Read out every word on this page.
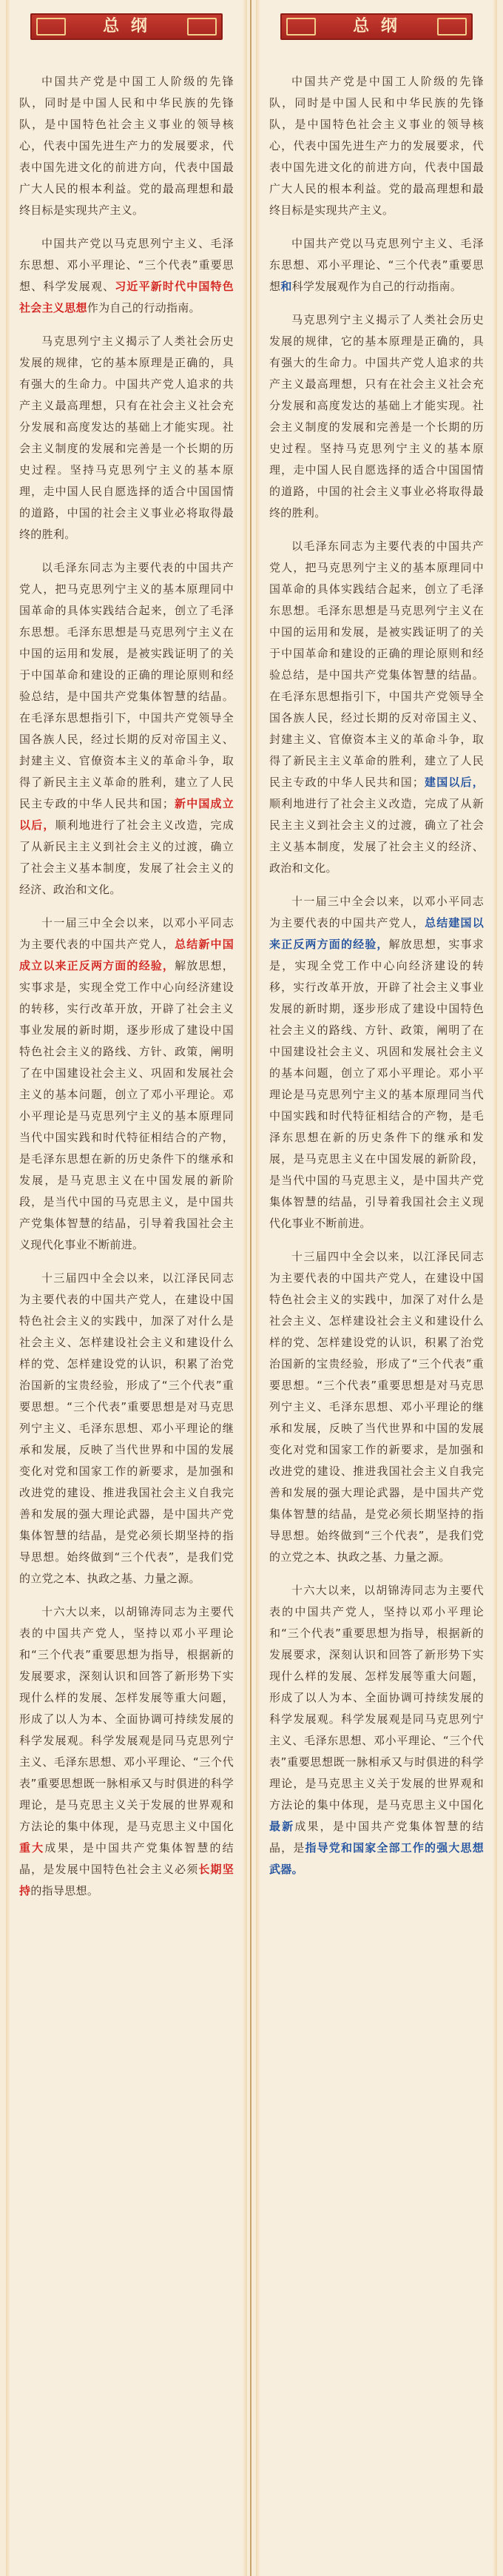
总 纲

中国共产党是中国工人阶级的先锋队，同时是中国人民和中华民族的先锋队，是中国特色社会主义事业的领导核心，代表中国先进生产力的发展要求，代表中国先进文化的前进方向，代表中国最广大人民的根本利益。党的最高理想和最终目标是实现共产主义。

中国共产党以马克思列宁主义、毛泽东思想、邓小平理论、“三个代表”重要思想、科学发展观、习近平新时代中国特色社会主义思想作为自己的行动指南。

马克思列宁主义揭示了人类社会历史发展的规律，它的基本原理是正确的，具有强大的生命力。中国共产党人追求的共产主义最高理想，只有在社会主义社会充分发展和高度发达的基础上才能实现。社会主义制度的发展和完善是一个长期的历史过程。坚持马克思列宁主义的基本原理，走中国人民自愿选择的适合中国国情的道路，中国的社会主义事业必将取得最终的胜利。

以毛泽东同志为主要代表的中国共产党人，把马克思列宁主义的基本原理同中国革命的具体实践结合起来，创立了毛泽东思想。毛泽东思想是马克思列宁主义在中国的运用和发展，是被实践证明了的关于中国革命和建设的正确的理论原则和经验总结，是中国共产党集体智慧的结晶。在毛泽东思想指引下，中国共产党领导全国各族人民，经过长期的反对帝国主义、封建主义、官僚资本主义的革命斗争，取得了新民主主义革命的胜利，建立了人民民主专政的中华人民共和国；新中国成立以后，顺利地进行了社会主义改造，完成了从新民主主义到社会主义的过渡，确立了社会主义基本制度，发展了社会主义的经济、政治和文化。

十一届三中全会以来，以邓小平同志为主要代表的中国共产党人，总结新中国成立以来正反两方面的经验，解放思想，实事求是，实现全党工作中心向经济建设的转移，实行改革开放，开辟了社会主义事业发展的新时期，逐步形成了建设中国特色社会主义的路线、方针、政策，阐明了在中国建设社会主义、巩固和发展社会主义的基本问题，创立了邓小平理论。邓小平理论是马克思列宁主义的基本原理同当代中国实践和时代特征相结合的产物，是毛泽东思想在新的历史条件下的继承和发展，是马克思主义在中国发展的新阶段，是当代中国的马克思主义，是中国共产党集体智慧的结晶，引导着我国社会主义现代化事业不断前进。

十三届四中全会以来，以江泽民同志为主要代表的中国共产党人，在建设中国特色社会主义的实践中，加深了对什么是社会主义、怎样建设社会主义和建设什么样的党、怎样建设党的认识，积累了治党治国新的宝贵经验，形成了“三个代表”重要思想。“三个代表”重要思想是对马克思列宁主义、毛泽东思想、邓小平理论的继承和发展，反映了当代世界和中国的发展变化对党和国家工作的新要求，是加强和改进党的建设、推进我国社会主义自我完善和发展的强大理论武器，是中国共产党集体智慧的结晶，是党必须长期坚持的指导思想。始终做到“三个代表”，是我们党的立党之本、执政之基、力量之源。

十六大以来，以胡锦涛同志为主要代表的中国共产党人，坚持以邓小平理论和“三个代表”重要思想为指导，根据新的发展要求，深刻认识和回答了新形势下实现什么样的发展、怎样发展等重大问题，形成了以人为本、全面协调可持续发展的科学发展观。科学发展观是同马克思列宁主义、毛泽东思想、邓小平理论、“三个代表”重要思想既一脉相承又与时俱进的科学理论，是马克思主义关于发展的世界观和方法论的集中体现，是马克思主义中国化重大成果，是中国共产党集体智慧的结晶，是发展中国特色社会主义必须长期坚持的指导思想。

总 纲

中国共产党是中国工人阶级的先锋队，同时是中国人民和中华民族的先锋队，是中国特色社会主义事业的领导核心，代表中国先进生产力的发展要求，代表中国先进文化的前进方向，代表中国最广大人民的根本利益。党的最高理想和最终目标是实现共产主义。

中国共产党以马克思列宁主义、毛泽东思想、邓小平理论、“三个代表”重要思想和科学发展观作为自己的行动指南。

马克思列宁主义揭示了人类社会历史发展的规律，它的基本原理是正确的，具有强大的生命力。中国共产党人追求的共产主义最高理想，只有在社会主义社会充分发展和高度发达的基础上才能实现。社会主义制度的发展和完善是一个长期的历史过程。坚持马克思列宁主义的基本原理，走中国人民自愿选择的适合中国国情的道路，中国的社会主义事业必将取得最终的胜利。

以毛泽东同志为主要代表的中国共产党人，把马克思列宁主义的基本原理同中国革命的具体实践结合起来，创立了毛泽东思想。毛泽东思想是马克思列宁主义在中国的运用和发展，是被实践证明了的关于中国革命和建设的正确的理论原则和经验总结，是中国共产党集体智慧的结晶。在毛泽东思想指引下，中国共产党领导全国各族人民，经过长期的反对帝国主义、封建主义、官僚资本主义的革命斗争，取得了新民主主义革命的胜利，建立了人民民主专政的中华人民共和国；建国以后，顺利地进行了社会主义改造，完成了从新民主主义到社会主义的过渡，确立了社会主义基本制度，发展了社会主义的经济、政治和文化。

十一届三中全会以来，以邓小平同志为主要代表的中国共产党人，总结建国以来正反两方面的经验，解放思想，实事求是，实现全党工作中心向经济建设的转移，实行改革开放，开辟了社会主义事业发展的新时期，逐步形成了建设中国特色社会主义的路线、方针、政策，阐明了在中国建设社会主义、巩固和发展社会主义的基本问题，创立了邓小平理论。邓小平理论是马克思列宁主义的基本原理同当代中国实践和时代特征相结合的产物，是毛泽东思想在新的历史条件下的继承和发展，是马克思主义在中国发展的新阶段，是当代中国的马克思主义，是中国共产党集体智慧的结晶，引导着我国社会主义现代化事业不断前进。

十三届四中全会以来，以江泽民同志为主要代表的中国共产党人，在建设中国特色社会主义的实践中，加深了对什么是社会主义、怎样建设社会主义和建设什么样的党、怎样建设党的认识，积累了治党治国新的宝贵经验，形成了“三个代表”重要思想。“三个代表”重要思想是对马克思列宁主义、毛泽东思想、邓小平理论的继承和发展，反映了当代世界和中国的发展变化对党和国家工作的新要求，是加强和改进党的建设、推进我国社会主义自我完善和发展的强大理论武器，是中国共产党集体智慧的结晶，是党必须长期坚持的指导思想。始终做到“三个代表”，是我们党的立党之本、执政之基、力量之源。

十六大以来，以胡锦涛同志为主要代表的中国共产党人，坚持以邓小平理论和“三个代表”重要思想为指导，根据新的发展要求，深刻认识和回答了新形势下实现什么样的发展、怎样发展等重大问题，形成了以人为本、全面协调可持续发展的科学发展观。科学发展观是同马克思列宁主义、毛泽东思想、邓小平理论、“三个代表”重要思想既一脉相承又与时俱进的科学理论，是马克思主义关于发展的世界观和方法论的集中体现，是马克思主义中国化最新成果，是中国共产党集体智慧的结晶，是指导党和国家全部工作的强大思想武器。
